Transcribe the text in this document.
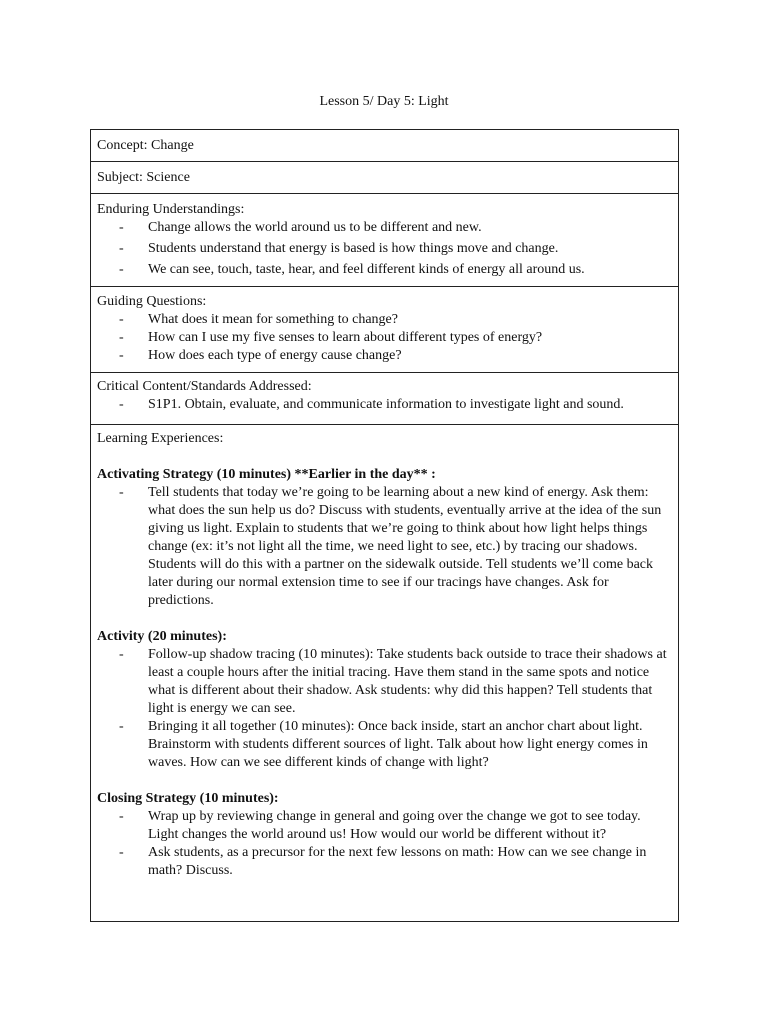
Lesson 5/ Day 5: Light
Concept: Change
Subject: Science
Enduring Understandings:
- Change allows the world around us to be different and new.
- Students understand that energy is based is how things move and change.
- We can see, touch, taste, hear, and feel different kinds of energy all around us.
Guiding Questions:
- What does it mean for something to change?
- How can I use my five senses to learn about different types of energy?
- How does each type of energy cause change?
Critical Content/Standards Addressed:
- S1P1. Obtain, evaluate, and communicate information to investigate light and sound.
Learning Experiences:
Activating Strategy (10 minutes) **Earlier in the day** :
- Tell students that today we’re going to be learning about a new kind of energy. Ask them: what does the sun help us do? Discuss with students, eventually arrive at the idea of the sun giving us light. Explain to students that we’re going to think about how light helps things change (ex: it’s not light all the time, we need light to see, etc.) by tracing our shadows. Students will do this with a partner on the sidewalk outside. Tell students we’ll come back later during our normal extension time to see if our tracings have changes. Ask for predictions.
Activity (20 minutes):
- Follow-up shadow tracing (10 minutes): Take students back outside to trace their shadows at least a couple hours after the initial tracing. Have them stand in the same spots and notice what is different about their shadow. Ask students: why did this happen? Tell students that light is energy we can see.
- Bringing it all together (10 minutes): Once back inside, start an anchor chart about light. Brainstorm with students different sources of light. Talk about how light energy comes in waves. How can we see different kinds of change with light?
Closing Strategy (10 minutes):
- Wrap up by reviewing change in general and going over the change we got to see today. Light changes the world around us! How would our world be different without it?
- Ask students, as a precursor for the next few lessons on math: How can we see change in math? Discuss.
